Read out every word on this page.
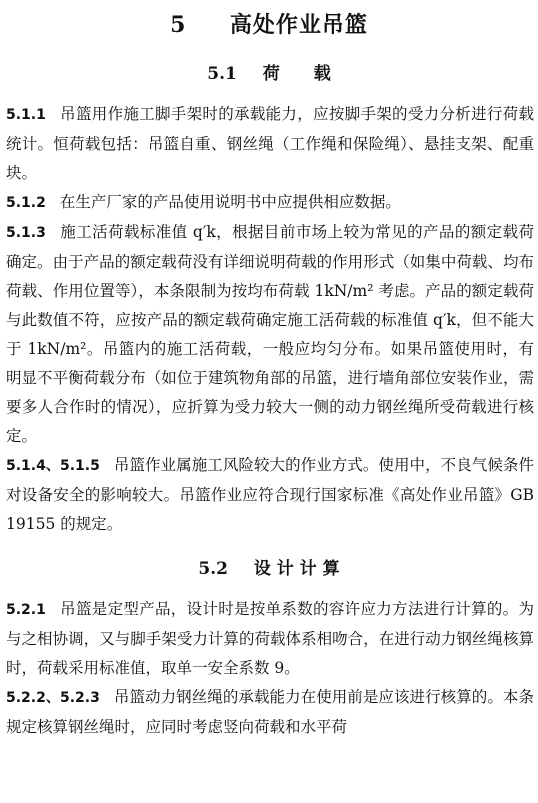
5 高处作业吊篮
5.1 荷　　载
5.1.1 吊篮用作施工脚手架时的承载能力，应按脚手架的受力分析进行荷载统计。恒荷载包括：吊篮自重、钢丝绳（工作绳和保险绳）、悬挂支架、配重块。
5.1.2 在生产厂家的产品使用说明书中应提供相应数据。
5.1.3 施工活荷载标准值 q′k，根据目前市场上较为常见的产品的额定载荷确定。由于产品的额定载荷没有详细说明荷载的作用形式（如集中荷载、均布荷载、作用位置等），本条限制为按均布荷载 1kN/m² 考虑。产品的额定载荷与此数值不符，应按产品的额定载荷确定施工活荷载的标准值 q′k，但不能大于 1kN/m²。吊篮内的施工活荷载，一般应均匀分布。如果吊篮使用时，有明显不平衡荷载分布（如位于建筑物角部的吊篮，进行墙角部位安装作业，需要多人合作时的情况），应折算为受力较大一侧的动力钢丝绳所受荷载进行核定。
5.1.4、5.1.5 吊篮作业属施工风险较大的作业方式。使用中，不良气候条件对设备安全的影响较大。吊篮作业应符合现行国家标准《高处作业吊篮》GB 19155 的规定。
5.2 设 计 计 算
5.2.1 吊篮是定型产品，设计时是按单系数的容许应力方法进行计算的。为与之相协调，又与脚手架受力计算的荷载体系相吻合，在进行动力钢丝绳核算时，荷载采用标准值，取单一安全系数 9。
5.2.2、5.2.3 吊篮动力钢丝绳的承载能力在使用前是应该进行核算的。本条规定核算钢丝绳时，应同时考虑竖向荷载和水平荷
